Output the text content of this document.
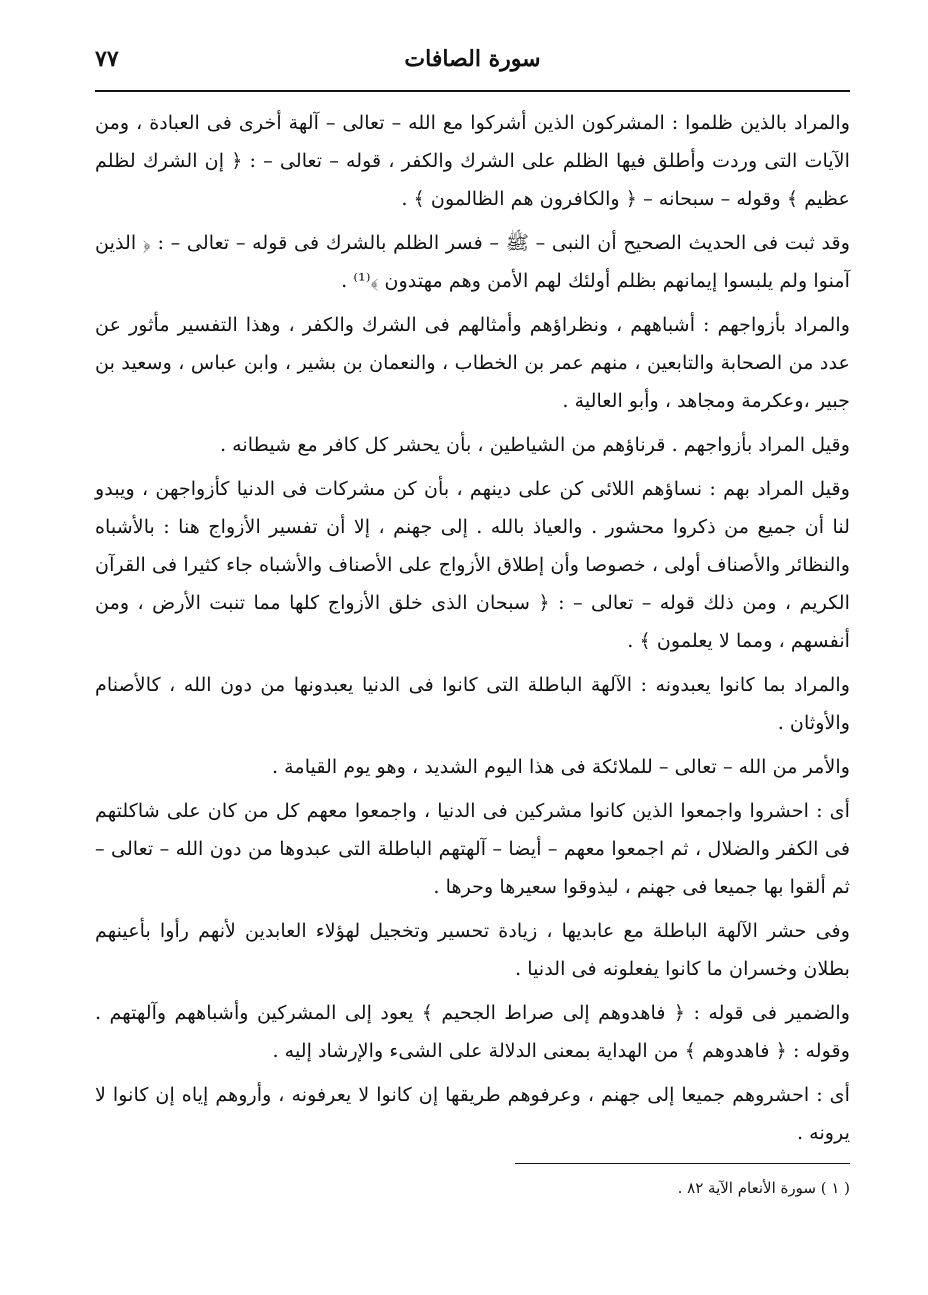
سورة الصافات
٧٧

والمراد بالذين ظلموا : المشركون الذين أشركوا مع الله – تعالى – آلهة أخرى فى العبادة ، ومن الآيات التى وردت وأطلق فيها الظلم على الشرك والكفر ، قوله – تعالى – : ﴿ إن الشرك لظلم عظيم ﴾ وقوله – سبحانه – ﴿ والكافرون هم الظالمون ﴾ .

وقد ثبت فى الحديث الصحيح أن النبى – ﷺ – فسر الظلم بالشرك فى قوله – تعالى – : ﴿ الذين آمنوا ولم يلبسوا إيمانهم بظلم أولئك لهم الأمن وهم مهتدون ﴾⁽¹⁾ .

والمراد بأزواجهم : أشباههم ، ونظراؤهم وأمثالهم فى الشرك والكفر ، وهذا التفسير مأثور عن عدد من الصحابة والتابعين ، منهم عمر بن الخطاب ، والنعمان بن بشير ، وابن عباس ، وسعيد بن جبير ،وعكرمة ومجاهد ، وأبو العالية .

وقيل المراد بأزواجهم . قرناؤهم من الشياطين ، بأن يحشر كل كافر مع شيطانه .

وقيل المراد بهم : نساؤهم اللائى كن على دينهم ، بأن كن مشركات فى الدنيا كأزواجهن ، ويبدو لنا أن جميع من ذكروا محشور . والعياذ بالله . إلى جهنم ، إلا أن تفسير الأزواج هنا : بالأشباه والنظائر والأصناف أولى ، خصوصا وأن إطلاق الأزواج على الأصناف والأشباه جاء كثيرا فى القرآن الكريم ، ومن ذلك قوله – تعالى – : ﴿ سبحان الذى خلق الأزواج كلها مما تنبت الأرض ، ومن أنفسهم ، ومما لا يعلمون ﴾ .

والمراد بما كانوا يعبدونه : الآلهة الباطلة التى كانوا فى الدنيا يعبدونها من دون الله ، كالأصنام والأوثان .

والأمر من الله – تعالى – للملائكة فى هذا اليوم الشديد ، وهو يوم القيامة .

أى : احشروا واجمعوا الذين كانوا مشركين فى الدنيا ، واجمعوا معهم كل من كان على شاكلتهم فى الكفر والضلال ، ثم اجمعوا معهم – أيضا – آلهتهم الباطلة التى عبدوها من دون الله – تعالى – ثم ألقوا بها جميعا فى جهنم ، ليذوقوا سعيرها وحرها .

وفى حشر الآلهة الباطلة مع عابديها ، زيادة تحسير وتخجيل لهؤلاء العابدين لأنهم رأوا بأعينهم بطلان وخسران ما كانوا يفعلونه فى الدنيا .

والضمير فى قوله : ﴿ فاهدوهم إلى صراط الجحيم ﴾ يعود إلى المشركين وأشباههم وآلهتهم . وقوله : ﴿ فاهدوهم ﴾ من الهداية بمعنى الدلالة على الشىء والإرشاد إليه .

أى : احشروهم جميعا إلى جهنم ، وعرفوهم طريقها إن كانوا لا يعرفونه ، وأروهم إياه إن كانوا لا يرونه .

( ١ ) سورة الأنعام الآية ٨٢ .
